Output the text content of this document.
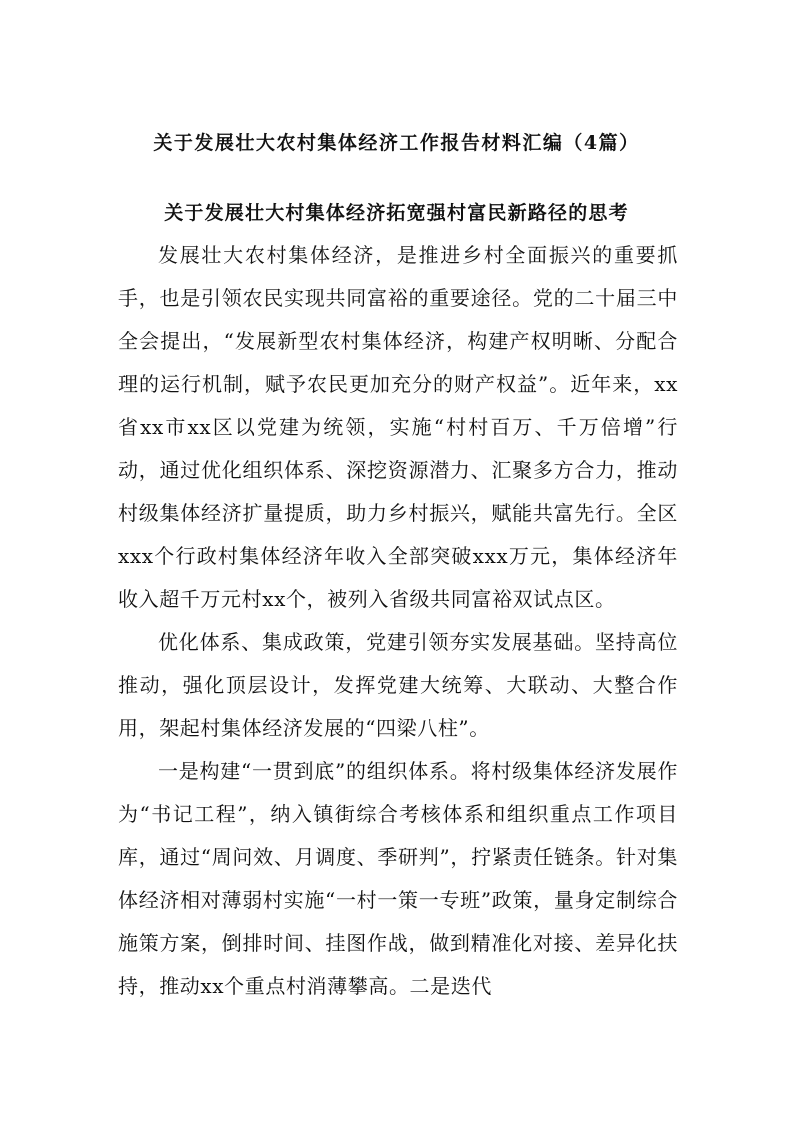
关于发展壮大农村集体经济工作报告材料汇编（4篇）
关于发展壮大村集体经济拓宽强村富民新路径的思考

发展壮大农村集体经济，是推进乡村全面振兴的重要抓手，也是引领农民实现共同富裕的重要途径。党的二十届三中全会提出，“发展新型农村集体经济，构建产权明晰、分配合理的运行机制，赋予农民更加充分的财产权益”。近年来，xx省xx市xx区以党建为统领，实施“村村百万、千万倍增”行动，通过优化组织体系、深挖资源潜力、汇聚多方合力，推动村级集体经济扩量提质，助力乡村振兴，赋能共富先行。全区xxx个行政村集体经济年收入全部突破xxx万元，集体经济年收入超千万元村xx个，被列入省级共同富裕双试点区。

优化体系、集成政策，党建引领夯实发展基础。坚持高位推动，强化顶层设计，发挥党建大统筹、大联动、大整合作用，架起村集体经济发展的“四梁八柱”。

一是构建“一贯到底”的组织体系。将村级集体经济发展作为“书记工程”，纳入镇街综合考核体系和组织重点工作项目库，通过“周问效、月调度、季研判”，拧紧责任链条。针对集体经济相对薄弱村实施“一村一策一专班”政策，量身定制综合施策方案，倒排时间、挂图作战，做到精准化对接、差异化扶持，推动xx个重点村消薄攀高。二是迭代
